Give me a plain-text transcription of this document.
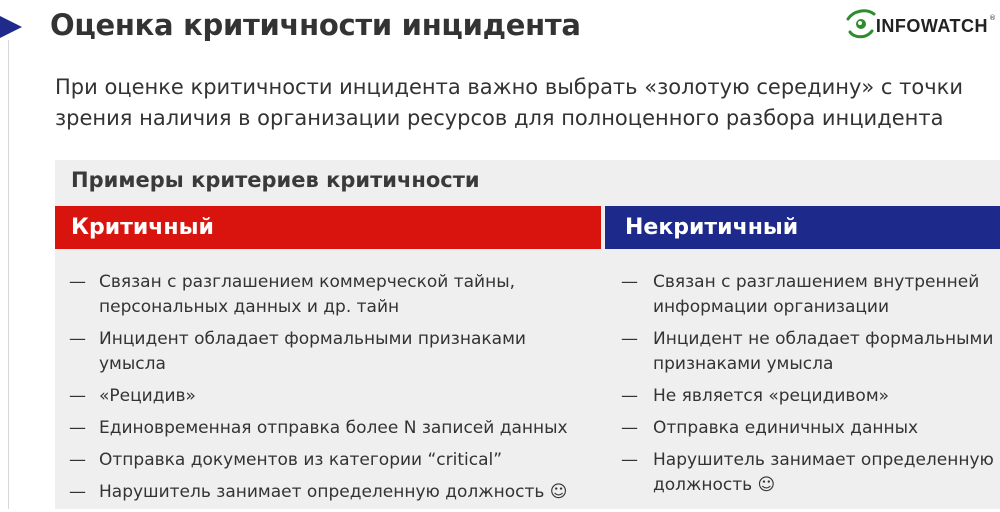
Оценка критичности инцидента	INFOWATCH ®
При оценке критичности инцидента важно выбрать «золотую середину» с точки зрения наличия в организации ресурсов для полноценного разбора инцидента
Примеры критериев критичности
Критичный	Некритичный
— Связан с разглашением коммерческой тайны, персональных данных и др. тайн
— Инцидент обладает формальными признаками умысла
— «Рецидив»
— Единовременная отправка более N записей данных
— Отправка документов из категории “critical”
— Нарушитель занимает определенную должность ☺
— Связан с разглашением внутренней информации организации
— Инцидент не обладает формальными признаками умысла
— Не является «рецидивом»
— Отправка единичных данных
— Нарушитель занимает определенную должность ☺
